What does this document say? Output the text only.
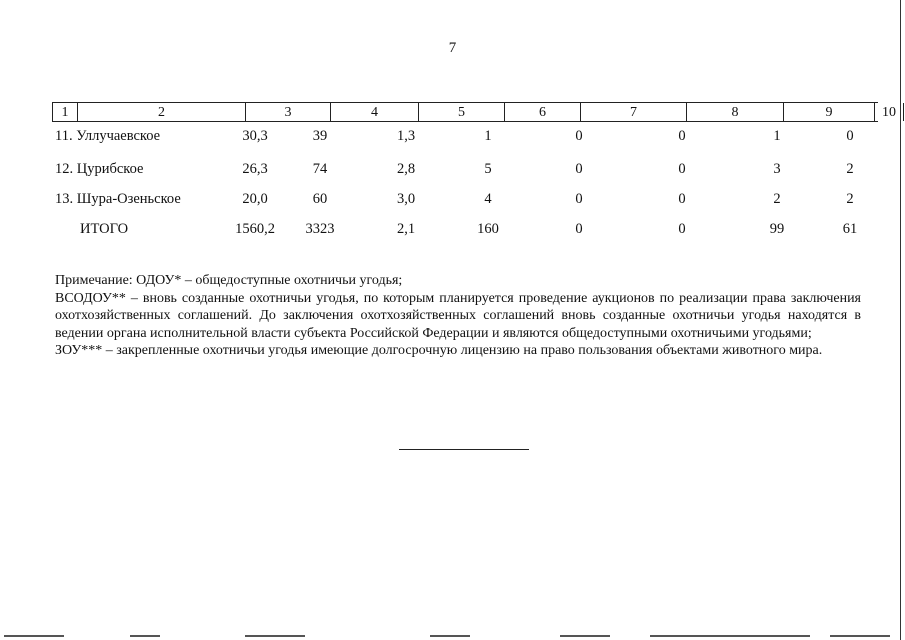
7
1	2	3	4	5	6	7	8	9	10
11. Уллучаевское	30,3	39	1,3	1	0	0	1	0
12. Цурибское	26,3	74	2,8	5	0	0	3	2
13. Шура-Озеньское	20,0	60	3,0	4	0	0	2	2
ИТОГО	1560,2	3323	2,1	160	0	0	99	61

Примечание: ОДОУ* – общедоступные охотничьи угодья;

ВСОДОУ** – вновь созданные охотничьи угодья, по которым планируется проведение аукционов по реализации права заключения охотхозяйственных соглашений. До заключения охотхозяйственных соглашений вновь созданные охотничьи угодья находятся в ведении органа исполнительной власти субъекта Российской Федерации и являются общедоступными охотничьими угодьями;

ЗОУ*** – закрепленные охотничьи угодья имеющие долгосрочную лицензию на право пользования объектами животного мира.
